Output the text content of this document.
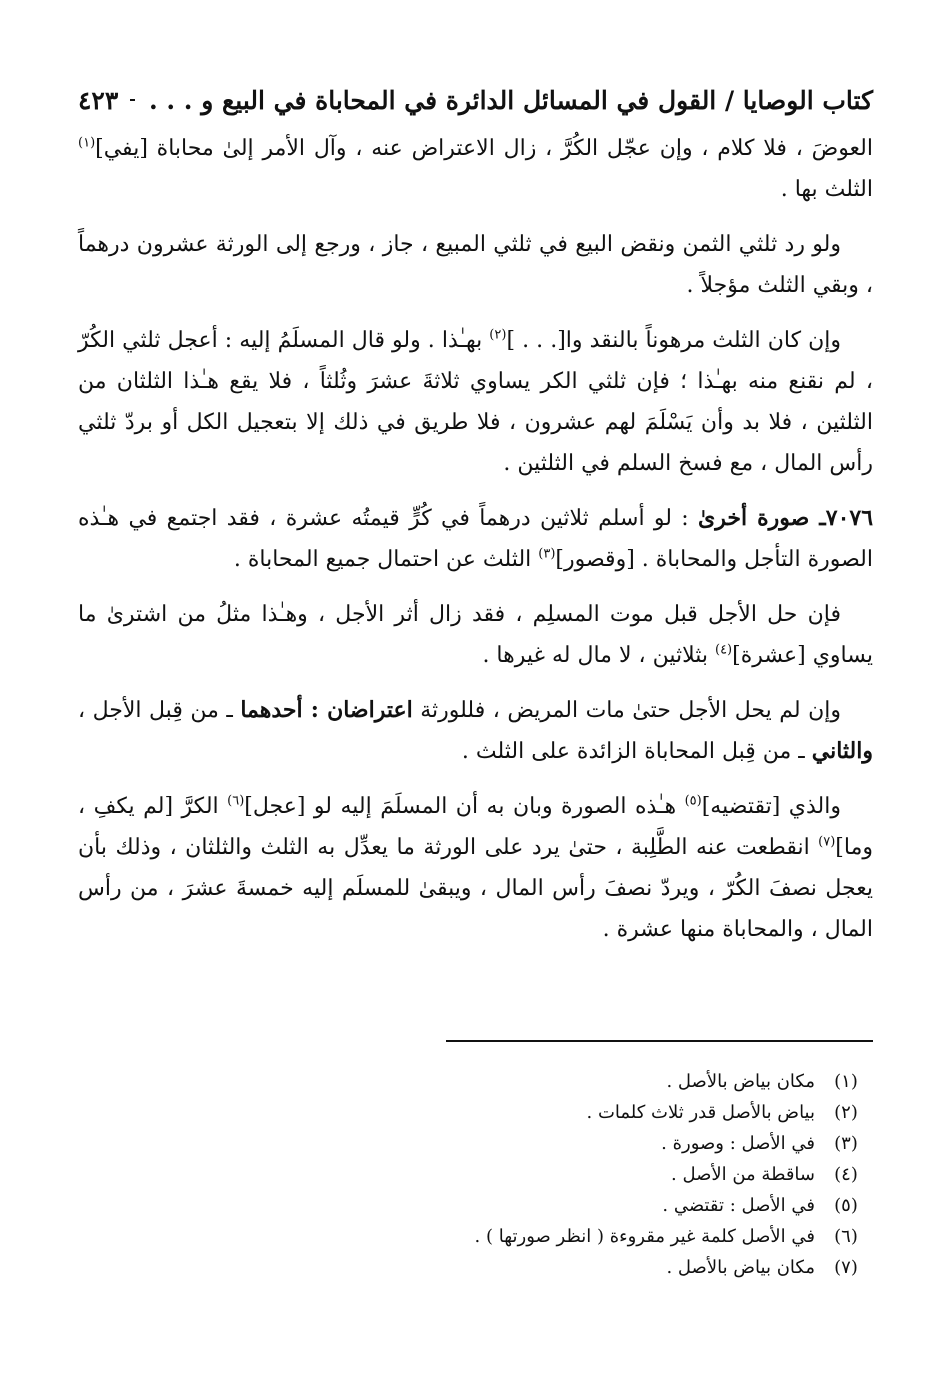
كتاب الوصايا / القول في المسائل الدائرة في المحاباة في البيع و . . .
٤٢٣

العوضَ ، فلا كلام ، وإن عجّل الكُرَّ ، زال الاعتراض عنه ، وآل الأمر إلىٰ محاباة [يفي]$^{(١)}$ الثلث بها .

ولو رد ثلثي الثمن ونقض البيع في ثلثي المبيع ، جاز ، ورجع إلى الورثة عشرون درهماً ، وبقي الثلث مؤجلاً .

وإن كان الثلث مرهوناً بالنقد وا[. . . ]$^{(٢)}$ بهـٰذا . ولو قال المسلَمُ إليه : أعجل ثلثي الكُرّ ، لم نقنع منه بهـٰذا ؛ فإن ثلثي الكر يساوي ثلاثةَ عشرَ وثُلثاً ، فلا يقع هـٰذا الثلثان من الثلثين ، فلا بد وأن يَسْلَمَ لهم عشرون ، فلا طريق في ذلك إلا بتعجيل الكل أو بردّ ثلثي رأس المال ، مع فسخ السلم في الثلثين .

٧٠٧٦ـ صورة أخرىٰ : لو أسلم ثلاثين درهماً في كُرٍّ قيمتُه عشرة ، فقد اجتمع في هـٰذه الصورة التأجل والمحاباة . [وقصور]$^{(٣)}$ الثلث عن احتمال جميع المحاباة .

فإن حل الأجل قبل موت المسلِم ، فقد زال أثر الأجل ، وهـٰذا مثلُ من اشترىٰ ما يساوي [عشرة]$^{(٤)}$ بثلاثين ، لا مال له غيرها .

وإن لم يحل الأجل حتىٰ مات المريض ، فللورثة اعتراضان : أحدهما ـ من قِبل الأجل ، والثاني ـ من قِبل المحاباة الزائدة على الثلث .

والذي [تقتضيه]$^{(٥)}$ هـٰذه الصورة وبان به أن المسلَمَ إليه لو [عجل]$^{(٦)}$ الكرَّ [لم يكفِ ، وما]$^{(٧)}$ انقطعت عنه الطَّلِبة ، حتىٰ يرد على الورثة ما يعدِّل به الثلث والثلثان ، وذلك بأن يعجل نصفَ الكُرّ ، ويردّ نصفَ رأس المال ، ويبقىٰ للمسلَم إليه خمسةَ عشرَ ، من رأس المال ، والمحاباة منها عشرة .

(١)
مكان بياض بالأصل .
(٢)
بياض بالأصل قدر ثلاث كلمات .
(٣)
في الأصل : وصورة .
(٤)
ساقطة من الأصل .
(٥)
في الأصل : تقتضي .
(٦)
في الأصل كلمة غير مقروءة ( انظر صورتها ) .
(٧)
مكان بياض بالأصل .
